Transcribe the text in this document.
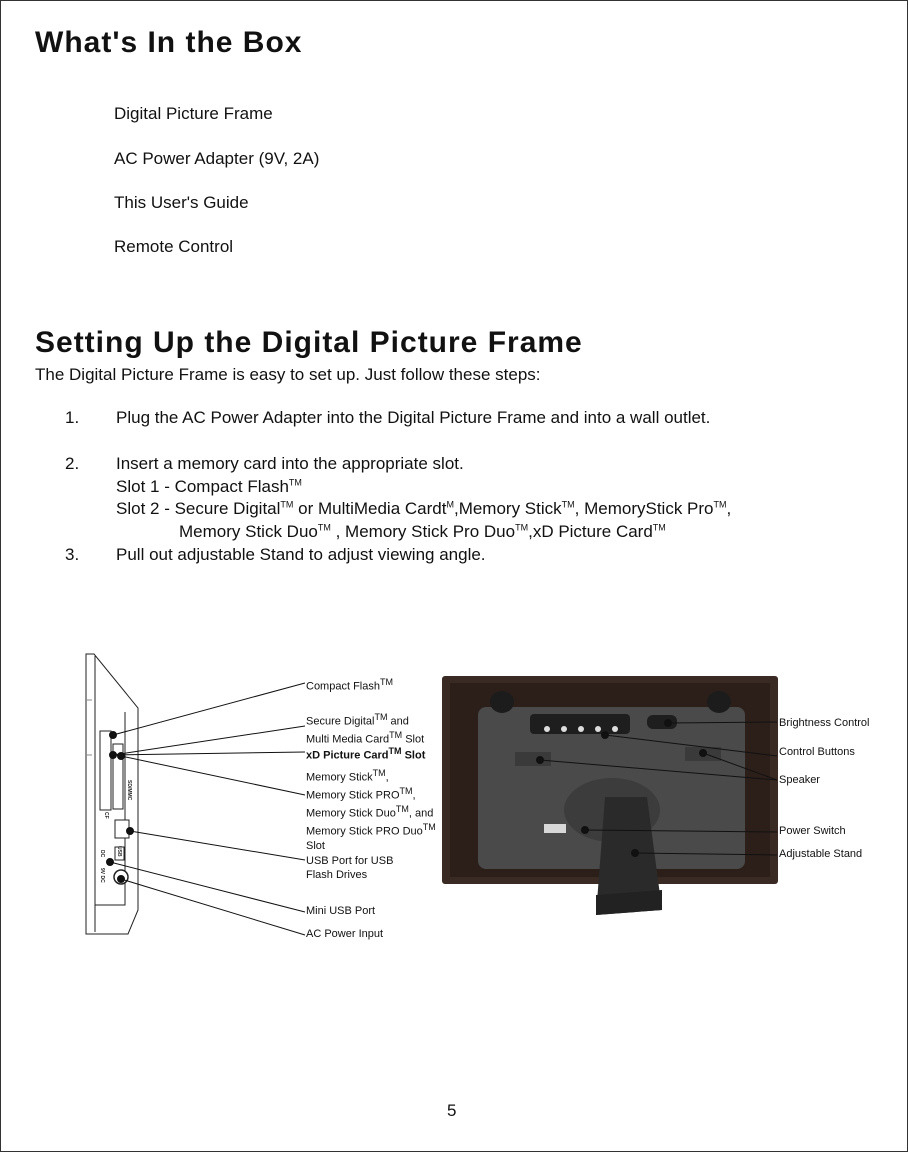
What's In the Box
Digital Picture Frame
AC Power Adapter (9V, 2A)
This User's Guide
Remote Control
Setting Up the Digital Picture Frame
The Digital Picture Frame is easy to set up. Just follow these steps:
1. Plug the AC Power Adapter into the Digital Picture Frame and into a wall outlet.
2. Insert a memory card into the appropriate slot.
Slot 1 - Compact Flash™
Slot 2 - Secure Digital™ or MultiMedia Cardt$^M$,Memory Stick™, MemoryStick Pro™,
Memory Stick Duo™ , Memory Stick Pro Duo™,xD Picture Card™
3. Pull out adjustable Stand to adjust viewing angle.
SD/MMC
CF
USB
DC
9V DC
Compact Flash™
Secure Digital™ and
Multi Media Card™ Slot
xD Picture Card™ Slot
Memory Stick™,
Memory Stick PRO™,
Memory Stick Duo™, and
Memory Stick PRO Duo™
Slot
USB Port for USB
Flash Drives
Mini USB Port
AC Power Input
Brightness Control
Control Buttons
Speaker
Power Switch
Adjustable Stand
5
